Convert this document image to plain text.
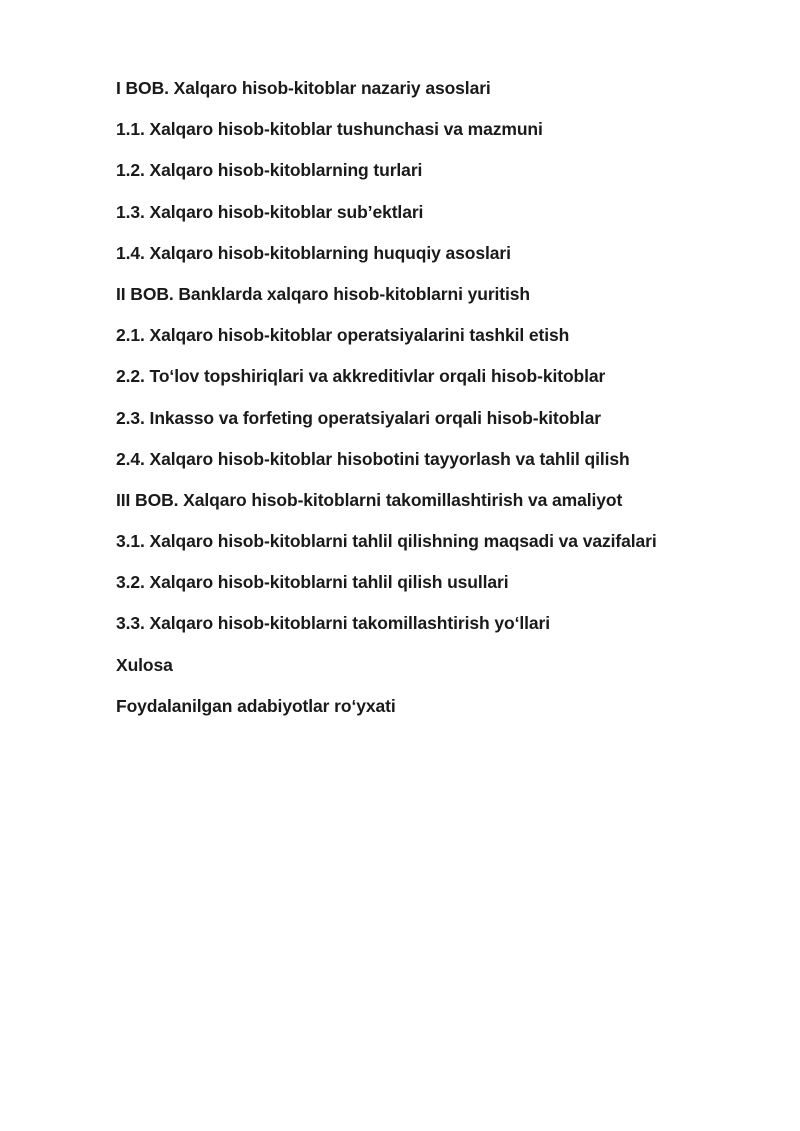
I BOB. Xalqaro hisob-kitoblar nazariy asoslari
1.1. Xalqaro hisob-kitoblar tushunchasi va mazmuni
1.2. Xalqaro hisob-kitoblarning turlari
1.3. Xalqaro hisob-kitoblar sub’ektlari
1.4. Xalqaro hisob-kitoblarning huquqiy asoslari
II BOB. Banklarda xalqaro hisob-kitoblarni yuritish
2.1. Xalqaro hisob-kitoblar operatsiyalarini tashkil etish
2.2. To‘lov topshiriqlari va akkreditivlar orqali hisob-kitoblar
2.3. Inkasso va forfeting operatsiyalari orqali hisob-kitoblar
2.4. Xalqaro hisob-kitoblar hisobotini tayyorlash va tahlil qilish
III BOB. Xalqaro hisob-kitoblarni takomillashtirish va amaliyot
3.1. Xalqaro hisob-kitoblarni tahlil qilishning maqsadi va vazifalari
3.2. Xalqaro hisob-kitoblarni tahlil qilish usullari
3.3. Xalqaro hisob-kitoblarni takomillashtirish yo‘llari
Xulosa
Foydalanilgan adabiyotlar ro‘yxati
